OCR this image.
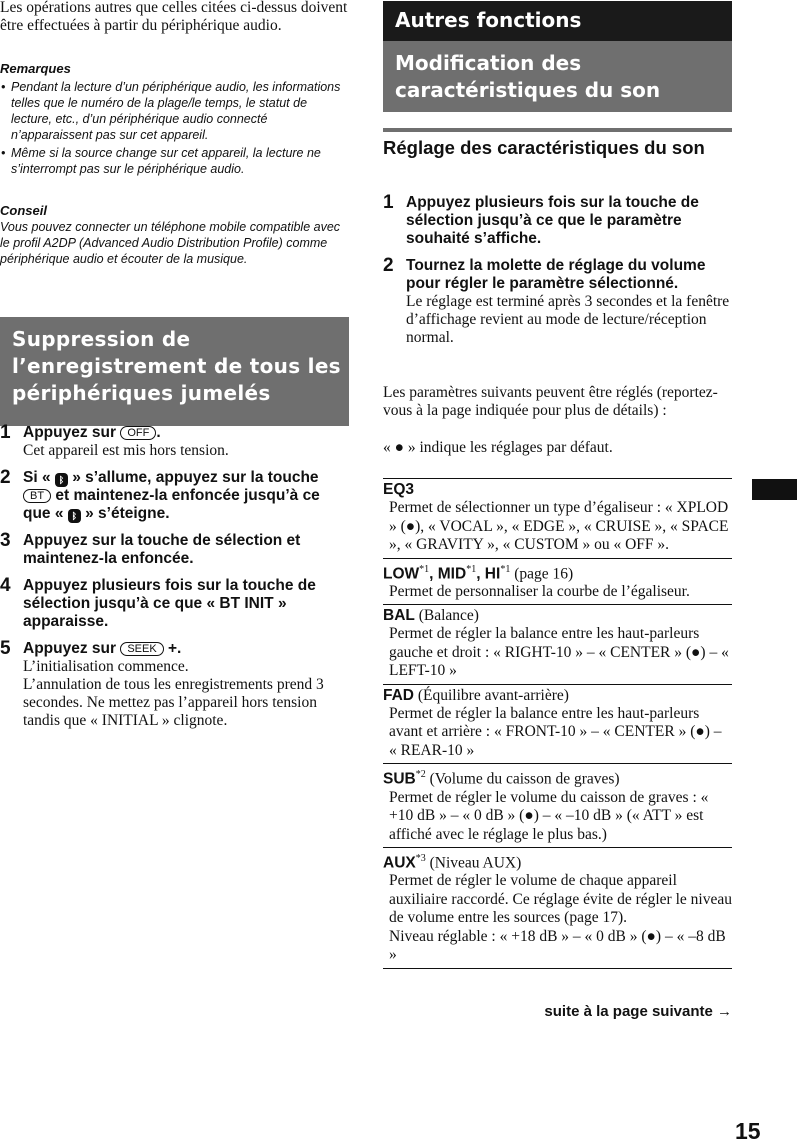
Les opérations autres que celles citées ci-dessus doivent être effectuées à partir du périphérique audio.

Remarques

• Pendant la lecture d’un périphérique audio, les informations telles que le numéro de la plage/le temps, le statut de lecture, etc., d’un périphérique audio connecté n’apparaissent pas sur cet appareil.

• Même si la source change sur cet appareil, la lecture ne s’interrompt pas sur le périphérique audio.

Conseil

Vous pouvez connecter un téléphone mobile compatible avec le profil A2DP (Advanced Audio Distribution Profile) comme périphérique audio et écouter de la musique.

Suppression de l’enregistrement de tous les périphériques jumelés
1 Appuyez sur OFF .

Cet appareil est mis hors tension.

2 Si « ᛒ » s’allume, appuyez sur la touche BT et maintenez-la enfoncée jusqu’à ce que « ᛒ » s’éteigne.

3 Appuyez sur la touche de sélection et maintenez-la enfoncée.

4 Appuyez plusieurs fois sur la touche de sélection jusqu’à ce que « BT INIT » apparaisse.

5 Appuyez sur SEEK +.

L’initialisation commence.

L’annulation de tous les enregistrements prend 3 secondes. Ne mettez pas l’appareil hors tension tandis que « INITIAL » clignote.

Autres fonctions
Modification des caractéristiques du son

Réglage des caractéristiques du son

1 Appuyez plusieurs fois sur la touche de sélection jusqu’à ce que le paramètre souhaité s’affiche.

2 Tournez la molette de réglage du volume pour régler le paramètre sélectionné.

Le réglage est terminé après 3 secondes et la fenêtre d’affichage revient au mode de lecture/réception normal.

Les paramètres suivants peuvent être réglés (reportez-vous à la page indiquée pour plus de détails) :

« ● » indique les réglages par défaut.

EQ3

Permet de sélectionner un type d’égaliseur : « XPLOD » (●), « VOCAL », « EDGE », « CRUISE », « SPACE », « GRAVITY », « CUSTOM » ou « OFF ».

LOW$^{*1}$, MID$^{*1}$, HI$^{*1}$ (page 16)

Permet de personnaliser la courbe de l’égaliseur.

BAL (Balance)

Permet de régler la balance entre les haut-parleurs gauche et droit : « RIGHT-10 » – « CENTER » (●) – « LEFT-10 »

FAD (Équilibre avant-arrière)

Permet de régler la balance entre les haut-parleurs avant et arrière : « FRONT-10 » – « CENTER » (●) – « REAR-10 »

SUB$^{*2}$ (Volume du caisson de graves)

Permet de régler le volume du caisson de graves : « +10 dB » – « 0 dB » (●) – « –10 dB » (« ATT » est affiché avec le réglage le plus bas.)

AUX$^{*3}$ (Niveau AUX)

Permet de régler le volume de chaque appareil auxiliaire raccordé. Ce réglage évite de régler le niveau de volume entre les sources (page 17).

Niveau réglable : « +18 dB » – « 0 dB » (●) – « –8 dB »

suite à la page suivante →
15
